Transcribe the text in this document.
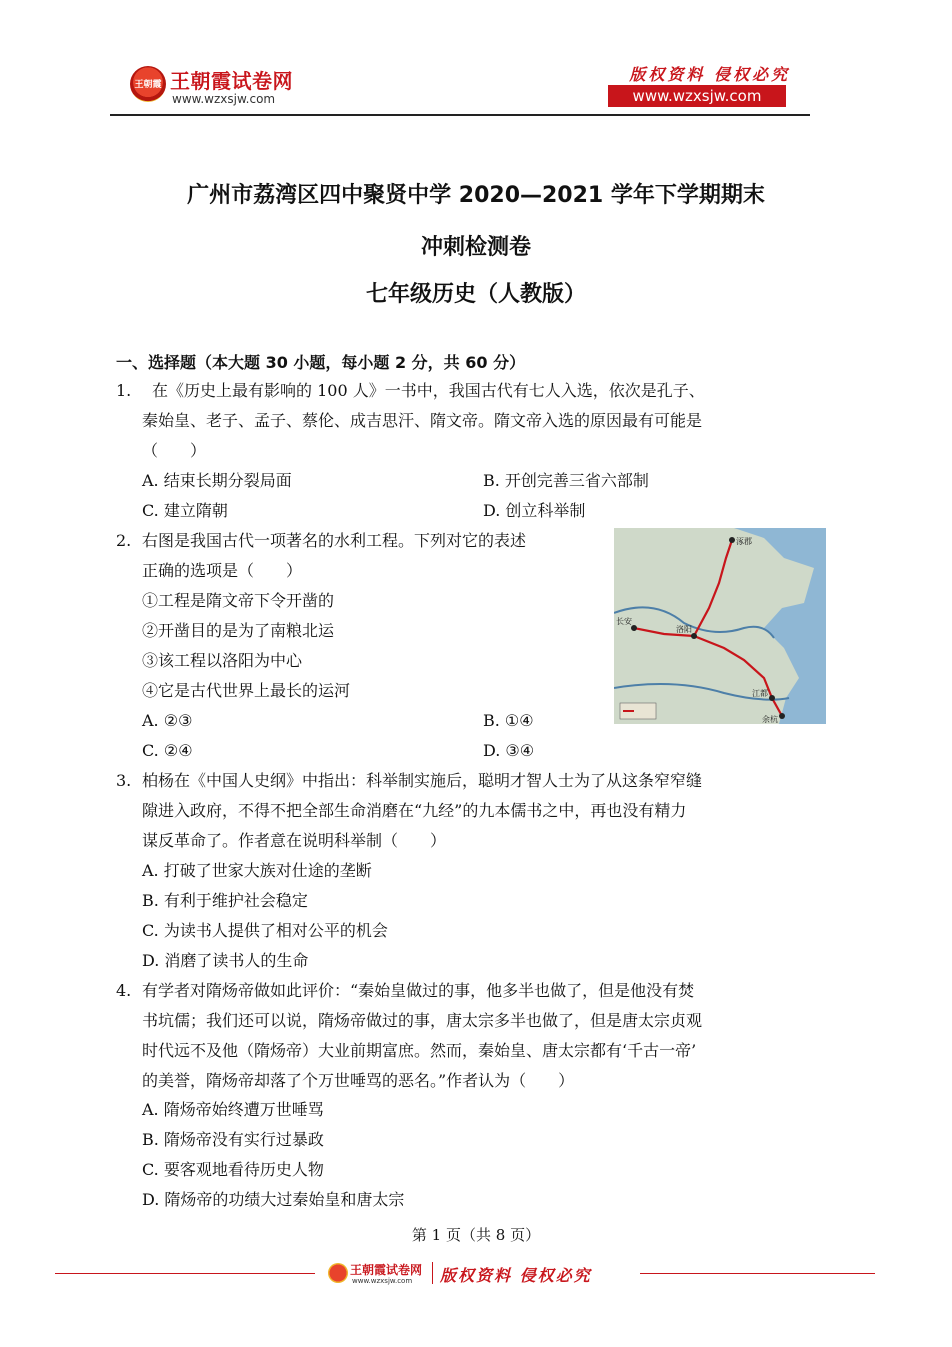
王朝霞 王朝霞试卷网
www.wzxsjw.com
版权资料 侵权必究
www.wzxsjw.com
广州市荔湾区四中聚贤中学 2020—2021 学年下学期期末
冲刺检测卷
七年级历史（人教版）
一、选择题（本大题 30 小题，每小题 2 分，共 60 分）
1. 在《历史上最有影响的 100 人》一书中，我国古代有七人入选，依次是孔子、
秦始皇、老子、孟子、蔡伦、成吉思汗、隋文帝。隋文帝入选的原因最有可能是
（　　）
A. 结束长期分裂局面	B. 开创完善三省六部制
C. 建立隋朝	D. 创立科举制
2. 右图是我国古代一项著名的水利工程。下列对它的表述
正确的选项是（　　）
①工程是隋文帝下令开凿的
②开凿目的是为了南粮北运
③该工程以洛阳为中心
④它是古代世界上最长的运河
A. ②③	B. ①④
C. ②④	D. ③④
涿郡
长安
洛阳
江都
余杭
3. 柏杨在《中国人史纲》中指出：科举制实施后，聪明才智人士为了从这条窄窄缝
隙进入政府，不得不把全部生命消磨在“九经”的九本儒书之中，再也没有精力
谋反革命了。作者意在说明科举制（　　）
A. 打破了世家大族对仕途的垄断
B. 有利于维护社会稳定
C. 为读书人提供了相对公平的机会
D. 消磨了读书人的生命
4. 有学者对隋炀帝做如此评价：“秦始皇做过的事，他多半也做了，但是他没有焚
书坑儒；我们还可以说，隋炀帝做过的事，唐太宗多半也做了，但是唐太宗贞观
时代远不及他（隋炀帝）大业前期富庶。然而，秦始皇、唐太宗都有‘千古一帝’
的美誉，隋炀帝却落了个万世唾骂的恶名。”作者认为（　　）
A. 隋炀帝始终遭万世唾骂
B. 隋炀帝没有实行过暴政
C. 要客观地看待历史人物
D. 隋炀帝的功绩大过秦始皇和唐太宗
第 1 页（共 8 页）
王朝霞试卷网
www.wzxsjw.com 版权资料 侵权必究
